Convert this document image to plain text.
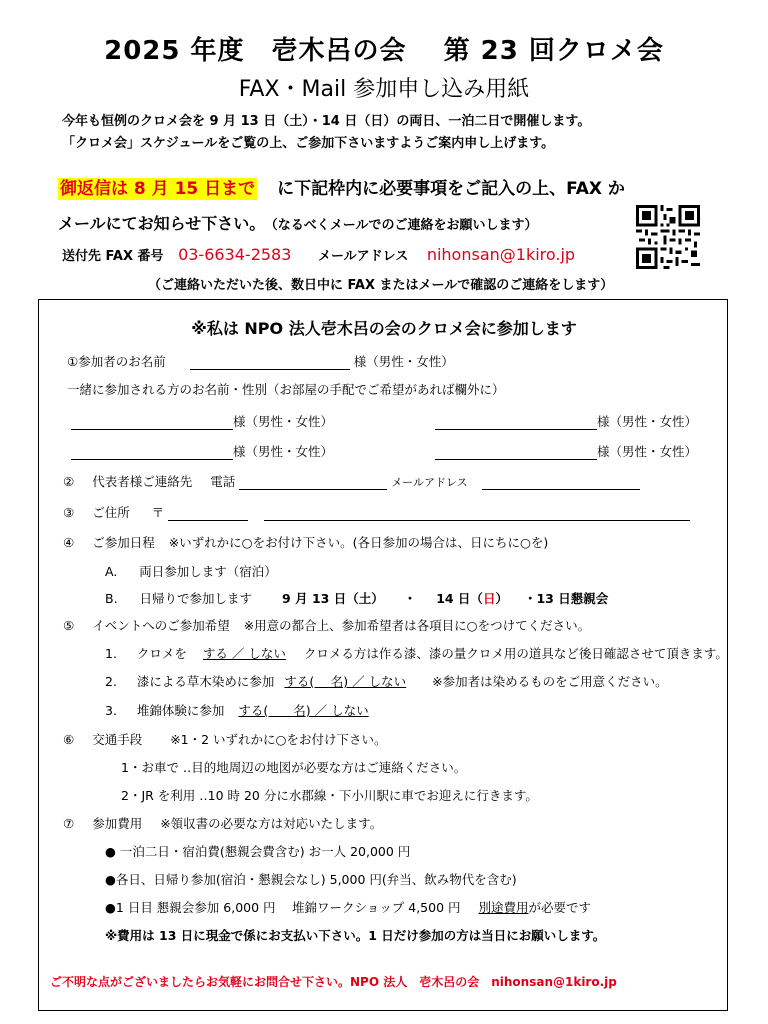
2025 年度　壱木呂の会　 第 23 回クロメ会
FAX・Mail 参加申し込み用紙
今年も恒例のクロメ会を 9 月 13 日（土）・14 日（日）の両日、一泊二日で開催します。
「クロメ会」スケジュールをご覧の上、ご参加下さいますようご案内申し上げます。
御返信は 8 月 15 日まで に下記枠内に必要事項をご記入の上、FAX か
メールにてお知らせ下さい。 （なるべくメールでのご連絡をお願いします）
送付先 FAX 番号 03-6634-2583 メールアドレス nihonsan@1kiro.jp
（ご連絡いただいた後、数日中に FAX またはメールで確認のご連絡をします）
※私は NPO 法人壱木呂の会のクロメ会に参加します
①参加者のお名前	様（男性・女性）
一緒に参加される方のお名前・性別（お部屋の手配でご希望があれば欄外に）
様（男性・女性）	様（男性・女性）
様（男性・女性）	様（男性・女性）
② 代表者様ご連絡先 電話	メールアドレス
③ ご住所 〒
④ ご参加日程 ※いずれかに○をお付け下さい。(各日参加の場合は、日にちに○を)
A. 両日参加します（宿泊）
B. 日帰りで参加します 9 月 13 日（土） ・ 14 日（日） ・13 日懇親会
⑤ イベントへのご参加希望 ※用意の都合上、参加希望者は各項目に○をつけてください。
1. クロメを する ／ しない クロメる方は作る漆、漆の量クロメ用の道具など後日確認させて頂きます。
2. 漆による草木染めに参加 する(　 名) ／ しない ※参加者は染めるものをご用意ください。
3. 堆錦体験に参加 する(　　名) ／ しない
⑥ 交通手段 ※1・2 いずれかに○をお付け下さい。
1・お車で ‥目的地周辺の地図が必要な方はご連絡ください。
2・JR を利用 ‥10 時 20 分に水郡線・下小川駅に車でお迎えに行きます。
⑦ 参加費用 ※領収書の必要な方は対応いたします。
● 一泊二日・宿泊費(懇親会費含む) お一人 20,000 円
●各日、日帰り参加(宿泊・懇親会なし) 5,000 円(弁当、飲み物代を含む)
●1 日目 懇親会参加 6,000 円　 堆錦ワークショップ 4,500 円 別途費用が必要です
※費用は 13 日に現金で係にお支払い下さい。1 日だけ参加の方は当日にお願いします。
ご不明な点がございましたらお気軽にお問合せ下さい。NPO 法人　壱木呂の会　nihonsan@1kiro.jp
